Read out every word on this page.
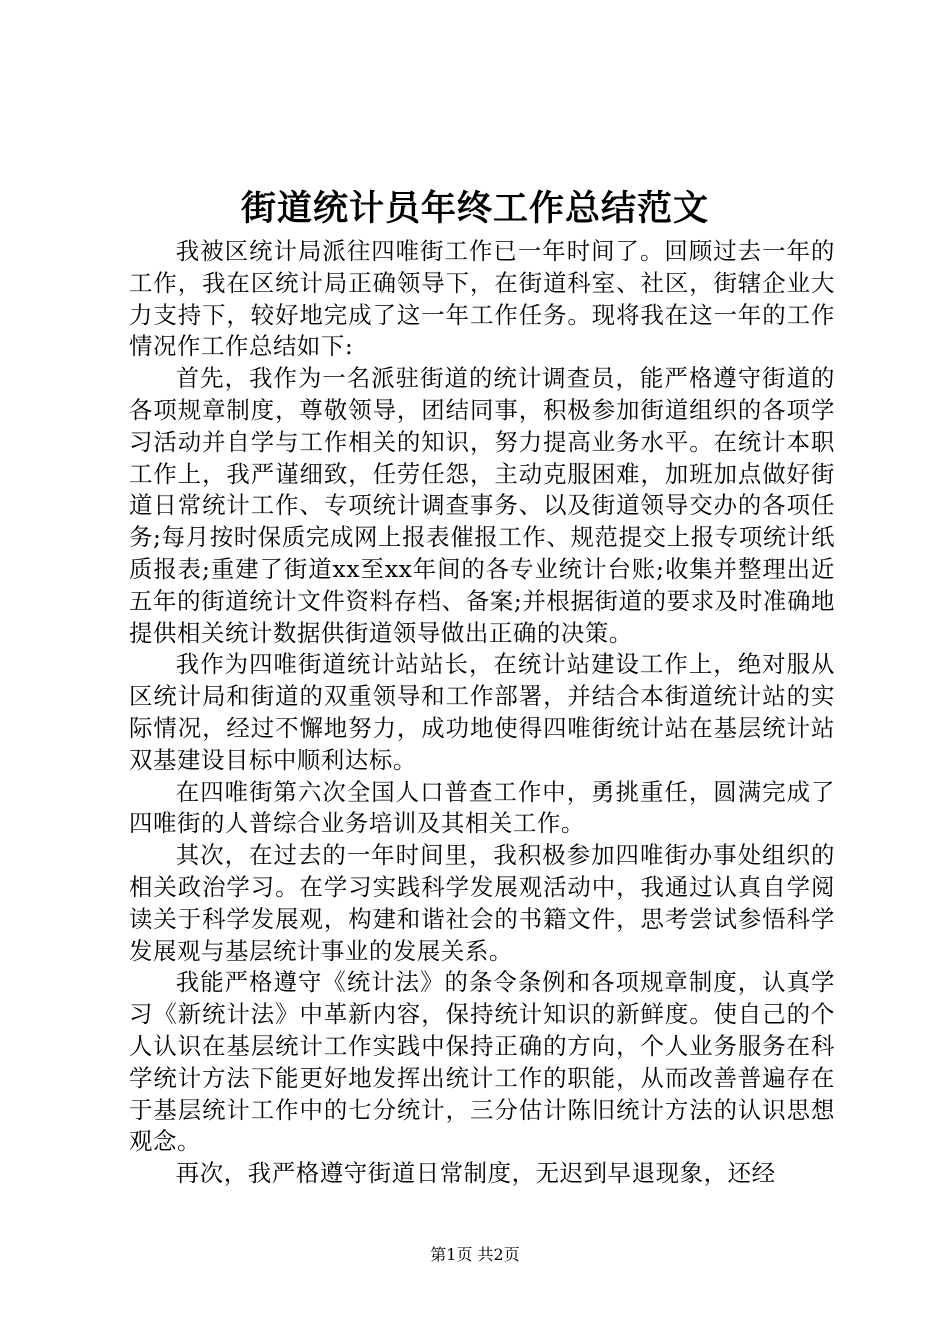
街道统计员年终工作总结范文

我被区统计局派往四唯街工作已一年时间了。回顾过去一年的工作，我在区统计局正确领导下，在街道科室、社区，街辖企业大力支持下，较好地完成了这一年工作任务。现将我在这一年的工作情况作工作总结如下:

首先，我作为一名派驻街道的统计调查员，能严格遵守街道的各项规章制度，尊敬领导，团结同事，积极参加街道组织的各项学习活动并自学与工作相关的知识，努力提高业务水平。在统计本职工作上，我严谨细致，任劳任怨，主动克服困难，加班加点做好街道日常统计工作、专项统计调查事务、以及街道领导交办的各项任务;每月按时保质完成网上报表催报工作、规范提交上报专项统计纸质报表;重建了街道xx至xx年间的各专业统计台账;收集并整理出近五年的街道统计文件资料存档、备案;并根据街道的要求及时准确地提供相关统计数据供街道领导做出正确的决策。

我作为四唯街道统计站站长，在统计站建设工作上，绝对服从区统计局和街道的双重领导和工作部署，并结合本街道统计站的实际情况，经过不懈地努力，成功地使得四唯街统计站在基层统计站双基建设目标中顺利达标。

在四唯街第六次全国人口普查工作中，勇挑重任，圆满完成了四唯街的人普综合业务培训及其相关工作。

其次，在过去的一年时间里，我积极参加四唯街办事处组织的相关政治学习。在学习实践科学发展观活动中，我通过认真自学阅读关于科学发展观，构建和谐社会的书籍文件，思考尝试参悟科学发展观与基层统计事业的发展关系。

我能严格遵守《统计法》的条令条例和各项规章制度，认真学习《新统计法》中革新内容，保持统计知识的新鲜度。使自己的个人认识在基层统计工作实践中保持正确的方向，个人业务服务在科学统计方法下能更好地发挥出统计工作的职能，从而改善普遍存在于基层统计工作中的七分统计，三分估计陈旧统计方法的认识思想观念。

再次，我严格遵守街道日常制度，无迟到早退现象，还经

第1页 共2页
